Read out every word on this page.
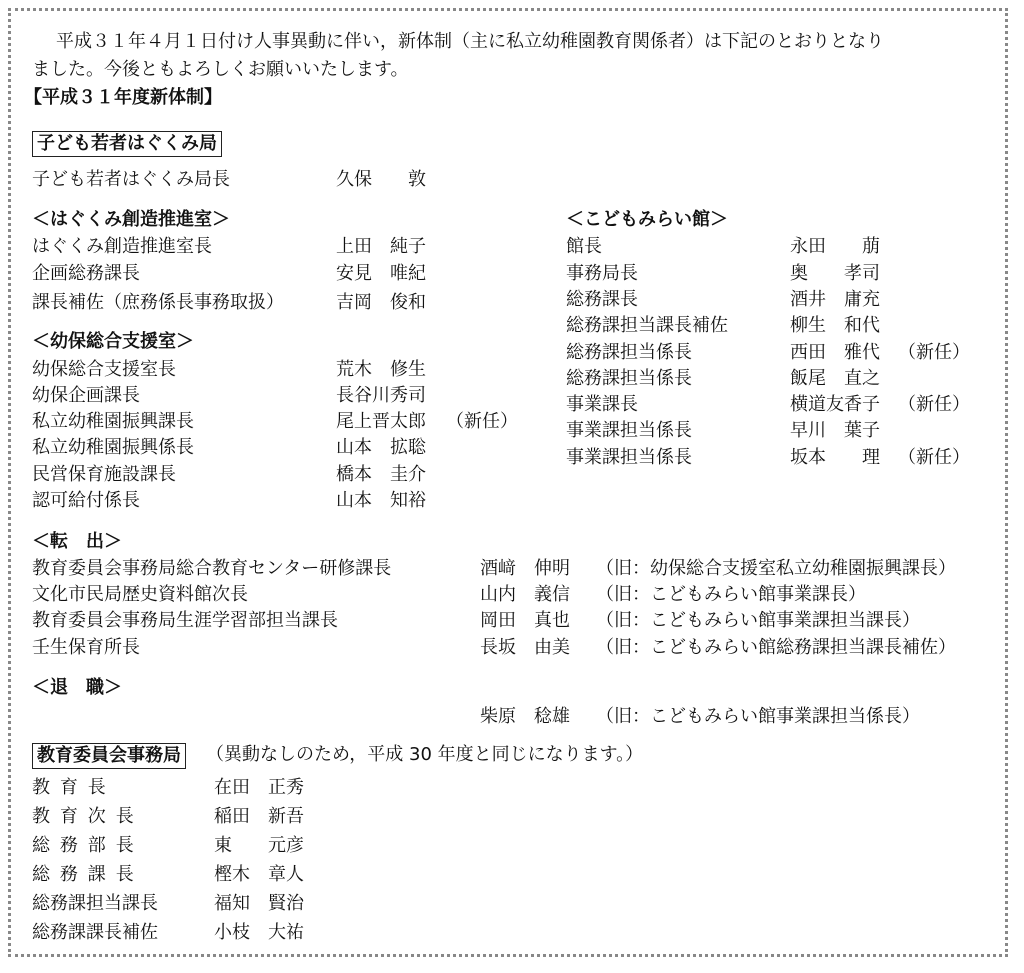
平成３１年４月１日付け人事異動に伴い，新体制（主に私立幼稚園教育関係者）は下記のとおりとなり
ました。今後ともよろしくお願いいたします。
【平成３１年度新体制】
子ども若者はぐくみ局
子ども若者はぐくみ局長	久保　　敦
＜はぐくみ創造推進室＞
はぐくみ創造推進室長	上田　純子
企画総務課長	安見　唯紀
課長補佐（庶務係長事務取扱）	吉岡　俊和
＜幼保総合支援室＞
幼保総合支援室長	荒木　修生
幼保企画課長	長谷川秀司
私立幼稚園振興課長	尾上晋太郎 （新任）
私立幼稚園振興係長	山本　拡聡
民営保育施設課長	橋本　圭介
認可給付係長	山本　知裕
＜こどもみらい館＞
館長	永田　　萠
事務局長	奥　　孝司
総務課長	酒井　庸充
総務課担当課長補佐	柳生　和代
総務課担当係長	西田　雅代 （新任）
総務課担当係長	飯尾　直之
事業課長	横道友香子 （新任）
事業課担当係長	早川　葉子
事業課担当係長	坂本　　理 （新任）
＜転　出＞
教育委員会事務局総合教育センター研修課長	酒﨑　伸明 （旧：幼保総合支援室私立幼稚園振興課長）
文化市民局歴史資料館次長	山内　義信 （旧：こどもみらい館事業課長）
教育委員会事務局生涯学習部担当課長	岡田　真也 （旧：こどもみらい館事業課担当課長）
壬生保育所長	長坂　由美 （旧：こどもみらい館総務課担当課長補佐）
＜退　職＞
柴原　稔雄 （旧：こどもみらい館事業課担当係長）
教育委員会事務局 （異動なしのため，平成 30 年度と同じになります。）
教育長	在田　正秀
教育次長	稲田　新吾
総務部長	東　　元彦
総務課長	樫木　章人
総務課担当課長	福知　賢治
総務課課長補佐	小枝　大祐
